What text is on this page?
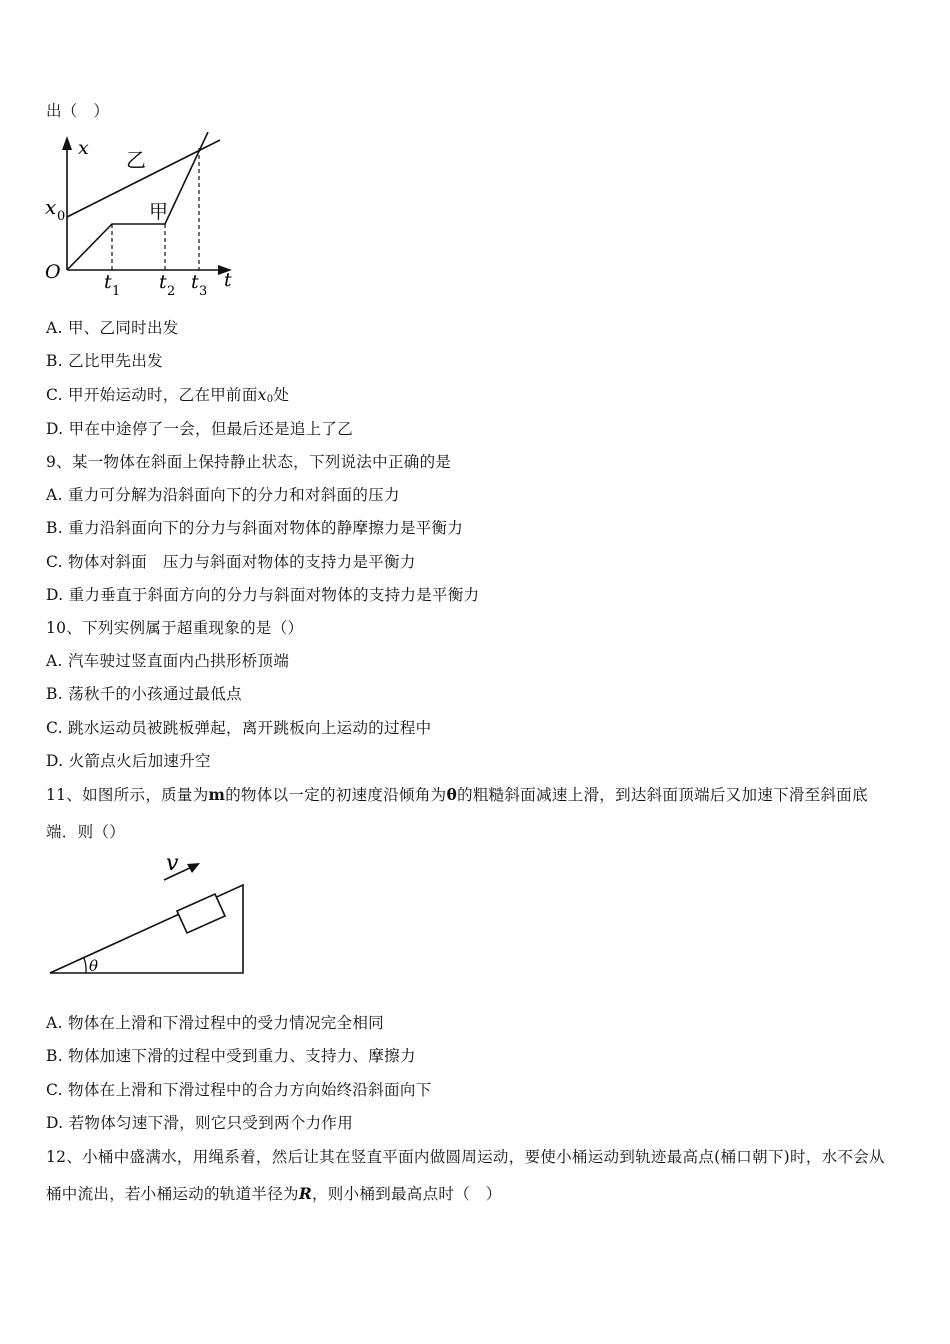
出（　）
x 乙
甲
x 0
O t 1 t 2 t 3
t
A. 甲、乙同时出发
B. 乙比甲先出发
C. 甲开始运动时，乙在甲前面$x_0$处
D. 甲在中途停了一会，但最后还是追上了乙
9、某一物体在斜面上保持静止状态，下列说法中正确的是
A. 重力可分解为沿斜面向下的分力和对斜面的压力
B. 重力沿斜面向下的分力与斜面对物体的静摩擦力是平衡力
C. 物体对斜面　压力与斜面对物体的支持力是平衡力
D. 重力垂直于斜面方向的分力与斜面对物体的支持力是平衡力
10、下列实例属于超重现象的是（）
A. 汽车驶过竖直面内凸拱形桥顶端
B. 荡秋千的小孩通过最低点
C. 跳水运动员被跳板弹起，离开跳板向上运动的过程中
D. 火箭点火后加速升空
11、如图所示，质量为m的物体以一定的初速度沿倾角为θ的粗糙斜面减速上滑，到达斜面顶端后又加速下滑至斜面底
端．则（）
v
θ
A. 物体在上滑和下滑过程中的受力情况完全相同
B. 物体加速下滑的过程中受到重力、支持力、摩擦力
C. 物体在上滑和下滑过程中的合力方向始终沿斜面向下
D. 若物体匀速下滑，则它只受到两个力作用
12、小桶中盛满水，用绳系着，然后让其在竖直平面内做圆周运动，要使小桶运动到轨迹最高点(桶口朝下)时，水不会从
桶中流出，若小桶运动的轨道半径为R，则小桶到最高点时（　）
